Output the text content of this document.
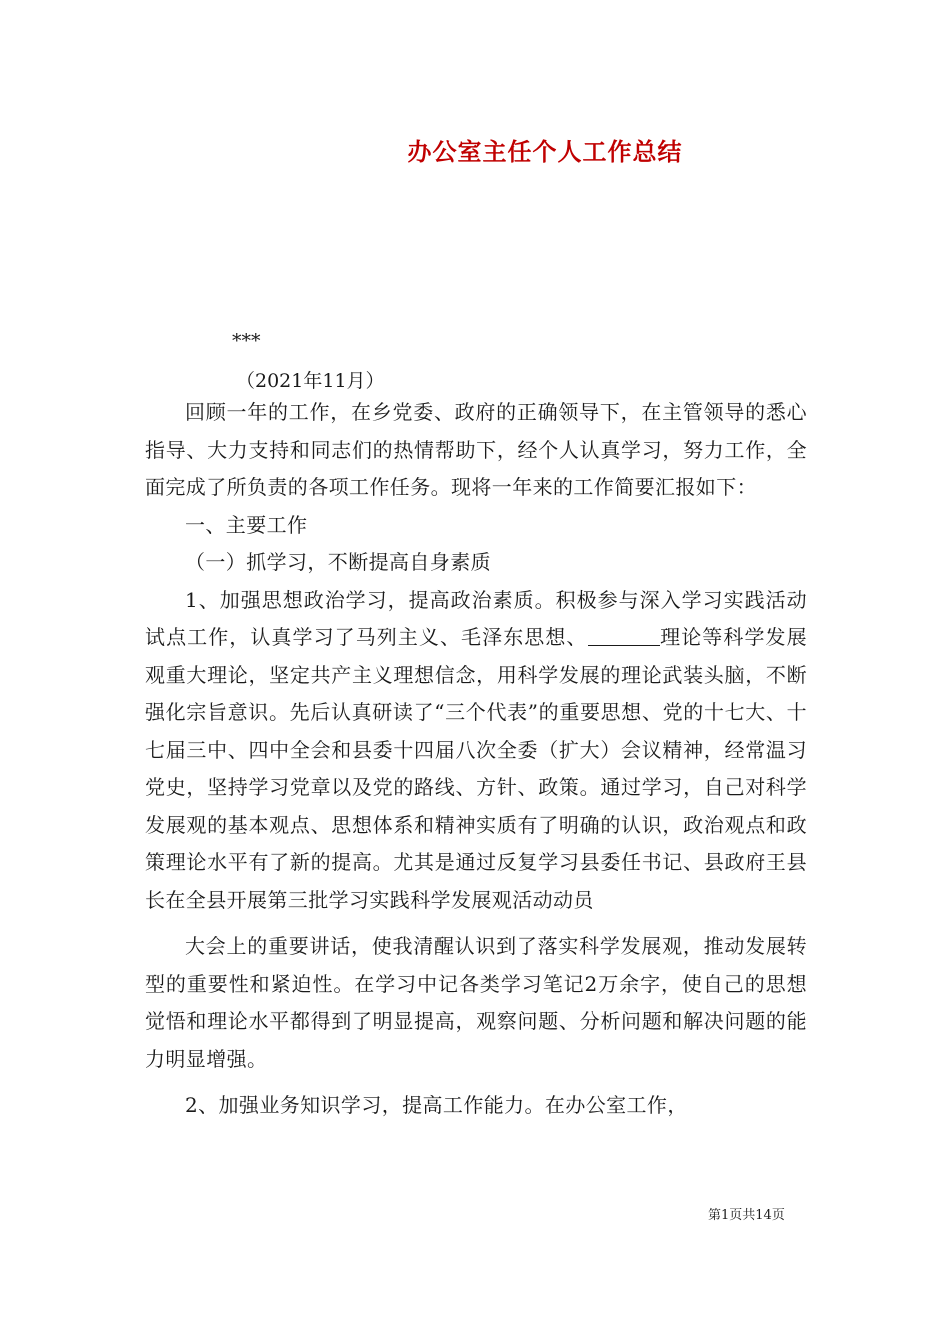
办公室主任个人工作总结
***
（2021年11月）

回顾一年的工作，在乡党委、政府的正确领导下，在主管领导的悉心指导、大力支持和同志们的热情帮助下，经个人认真学习，努力工作，全面完成了所负责的各项工作任务。现将一年来的工作简要汇报如下：

一、主要工作

（一）抓学习，不断提高自身素质

1、加强思想政治学习，提高政治素质。积极参与深入学习实践活动试点工作，认真学习了马列主义、毛泽东思想、	理论等科学发展观重大理论，坚定共产主义理想信念，用科学发展的理论武装头脑，不断强化宗旨意识。先后认真研读了“三个代表”的重要思想、党的十七大、十七届三中、四中全会和县委十四届八次全委（扩大）会议精神，经常温习党史，坚持学习党章以及党的路线、方针、政策。通过学习，自己对科学发展观的基本观点、思想体系和精神实质有了明确的认识，政治观点和政策理论水平有了新的提高。尤其是通过反复学习县委任书记、县政府王县长在全县开展第三批学习实践科学发展观活动动员

大会上的重要讲话，使我清醒认识到了落实科学发展观，推动发展转型的重要性和紧迫性。在学习中记各类学习笔记2万余字，使自己的思想觉悟和理论水平都得到了明显提高，观察问题、分析问题和解决问题的能力明显增强。

2、加强业务知识学习，提高工作能力。在办公室工作，

第1页共14页
